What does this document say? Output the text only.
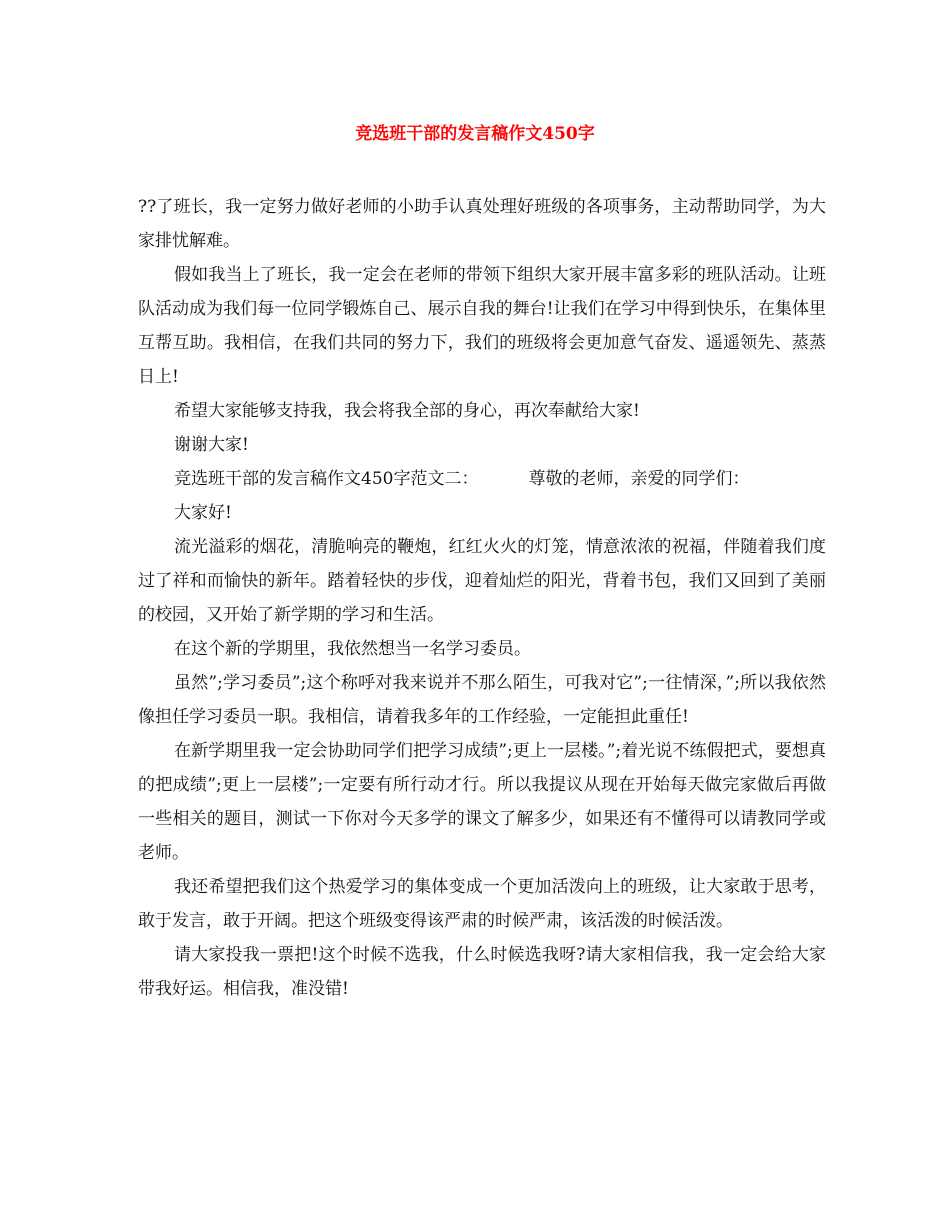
竞选班干部的发言稿作文450字

??了班长，我一定努力做好老师的小助手认真处理好班级的各项事务，主动帮助同学，为大家排忧解难。

假如我当上了班长，我一定会在老师的带领下组织大家开展丰富多彩的班队活动。让班队活动成为我们每一位同学锻炼自己、展示自我的舞台!让我们在学习中得到快乐，在集体里互帮互助。我相信，在我们共同的努力下，我们的班级将会更加意气奋发、遥遥领先、蒸蒸日上!

希望大家能够支持我，我会将我全部的身心，再次奉献给大家!

谢谢大家!

竞选班干部的发言稿作文450字范文二：	尊敬的老师，亲爱的同学们：

大家好!

流光溢彩的烟花，清脆响亮的鞭炮，红红火火的灯笼，情意浓浓的祝福，伴随着我们度过了祥和而愉快的新年。踏着轻快的步伐，迎着灿烂的阳光，背着书包，我们又回到了美丽的校园，又开始了新学期的学习和生活。

在这个新的学期里，我依然想当一名学习委员。

虽然”;学习委员”;这个称呼对我来说并不那么陌生，可我对它”;一往情深，”;所以我依然像担任学习委员一职。我相信，请着我多年的工作经验，一定能担此重任!

在新学期里我一定会协助同学们把学习成绩”;更上一层楼。”;着光说不练假把式，要想真的把成绩”;更上一层楼”;一定要有所行动才行。所以我提议从现在开始每天做完家做后再做一些相关的题目，测试一下你对今天多学的课文了解多少，如果还有不懂得可以请教同学或老师。

我还希望把我们这个热爱学习的集体变成一个更加活泼向上的班级，让大家敢于思考，敢于发言，敢于开阔。把这个班级变得该严肃的时候严肃，该活泼的时候活泼。

请大家投我一票把!这个时候不选我，什么时候选我呀?请大家相信我，我一定会给大家带我好运。相信我，准没错!
